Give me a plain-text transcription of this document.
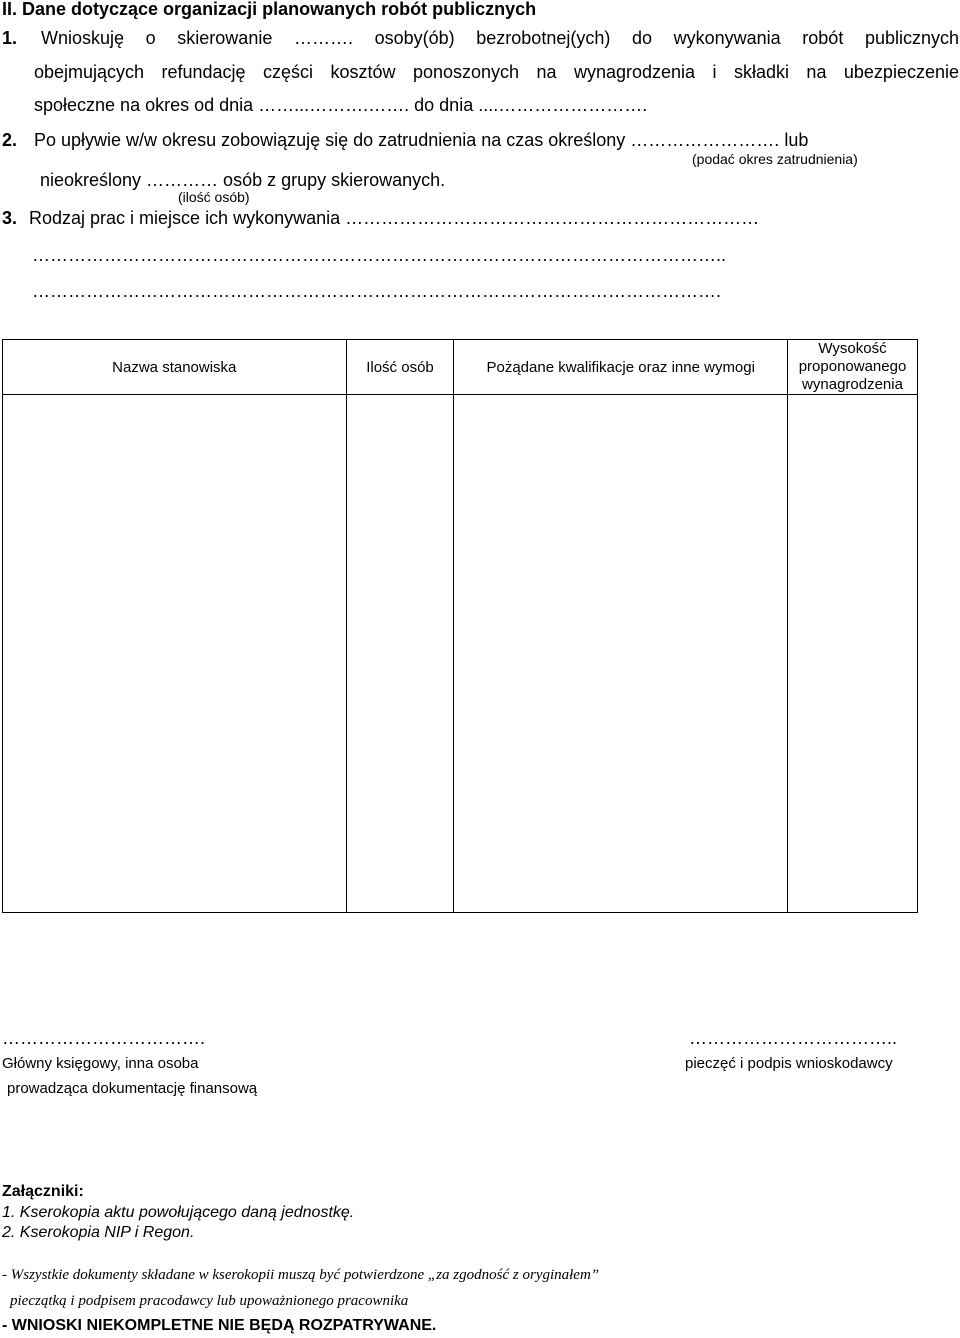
II. Dane dotyczące organizacji planowanych robót publicznych
1. Wnioskuję o skierowanie ………. osoby(ób) bezrobotnej(ych) do wykonywania robót publicznych
obejmujących refundację części kosztów ponoszonych na wynagrodzenia i składki na ubezpieczenie
społeczne na okres od dnia ……...……….……. do dnia ....…………………….
2. Po upływie w/w okresu zobowiązuję się do zatrudnienia na czas określony ……………………. lub
(podać okres zatrudnienia)
nieokreślony ………… osób z grupy skierowanych.
(ilość osób)
3. Rodzaj prac i miejsce ich wykonywania ……………………………………………………………
……………………………………………………………………………………………………..
…………………………………………………………………………………………………….
Nazwa stanowiska	Ilość osób	Pożądane kwalifikacje oraz inne wymogi	Wysokość
proponowanego
wynagrodzenia

…………………………….
Główny księgowy, inna osoba
prowadząca dokumentację finansową
……………………………..
pieczęć i podpis wnioskodawcy
Załączniki:
1. Kserokopia aktu powołującego daną jednostkę.
2. Kserokopia NIP i Regon.
- Wszystkie dokumenty składane w kserokopii muszą być potwierdzone „za zgodność z oryginałem”
pieczątką i podpisem pracodawcy lub upoważnionego pracownika
- WNIOSKI NIEKOMPLETNE NIE BĘDĄ ROZPATRYWANE.
